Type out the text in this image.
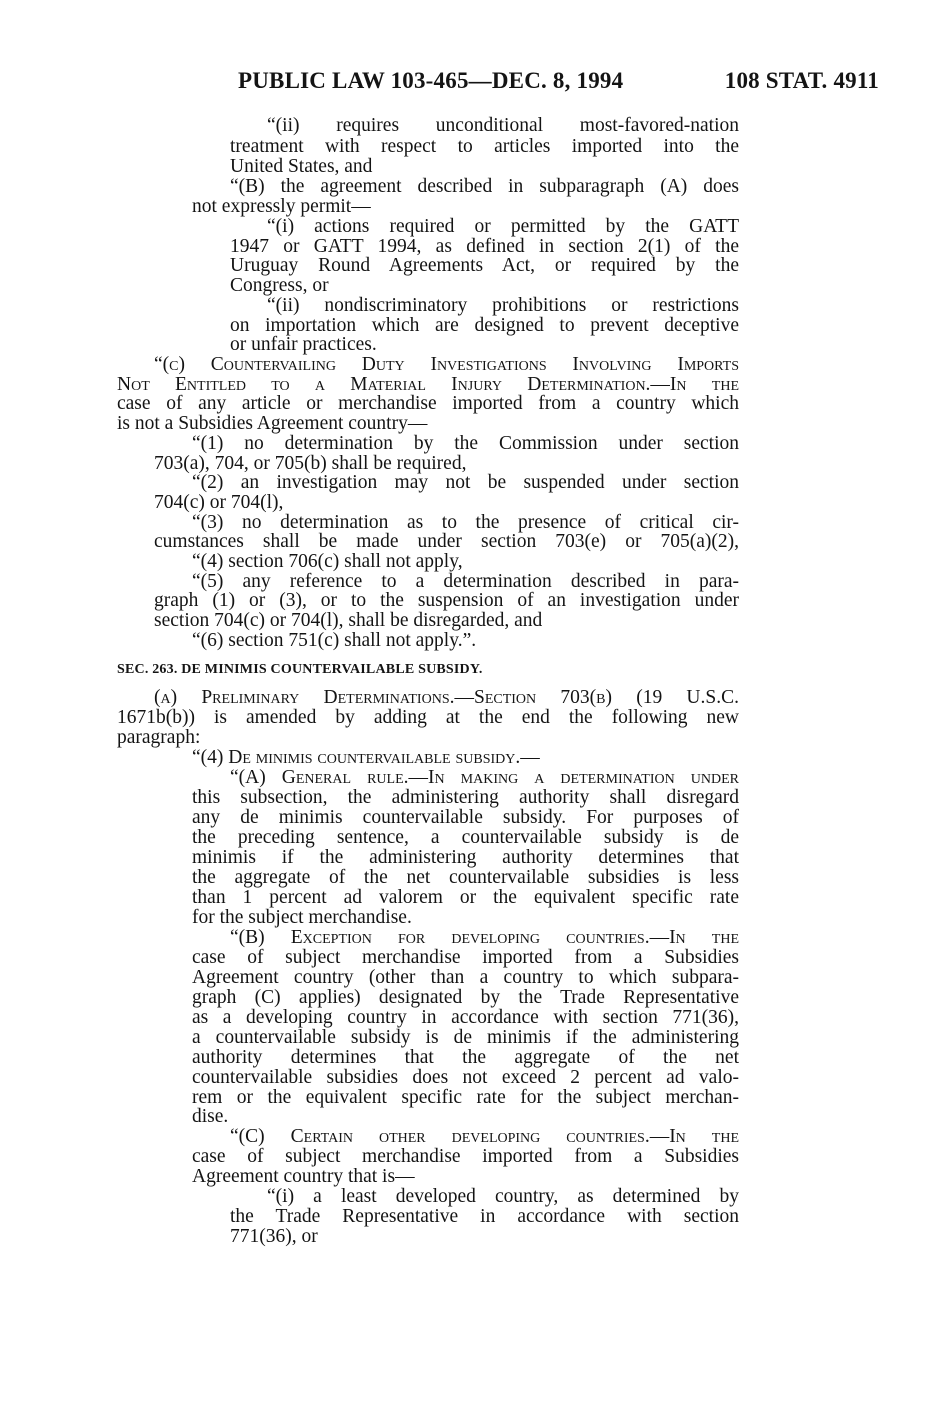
PUBLIC LAW 103-465—DEC. 8, 1994	108 STAT. 4911
“(ii) requires unconditional most-favored-nation
treatment with respect to articles imported into the
United States, and
“(B) the agreement described in subparagraph (A) does
not expressly permit—
“(i) actions required or permitted by the GATT
1947 or GATT 1994, as defined in section 2(1) of the
Uruguay Round Agreements Act, or required by the
Congress, or
“(ii) nondiscriminatory prohibitions or restrictions
on importation which are designed to prevent deceptive
or unfair practices.
“(c) Countervailing Duty Investigations Involving Imports
Not Entitled to a Material Injury Determination.—In the
case of any article or merchandise imported from a country which
is not a Subsidies Agreement country—
“(1) no determination by the Commission under section
703(a), 704, or 705(b) shall be required,
“(2) an investigation may not be suspended under section
704(c) or 704(l),
“(3) no determination as to the presence of critical cir-
cumstances shall be made under section 703(e) or 705(a)(2),
“(4) section 706(c) shall not apply,
“(5) any reference to a determination described in para-
graph (1) or (3), or to the suspension of an investigation under
section 704(c) or 704(l), shall be disregarded, and
“(6) section 751(c) shall not apply.”.
SEC. 263. DE MINIMIS COUNTERVAILABLE SUBSIDY.
(a) Preliminary Determinations.—Section 703(b) (19 U.S.C.
1671b(b)) is amended by adding at the end the following new
paragraph:
“(4) De minimis countervailable subsidy.—
“(A) General rule.—In making a determination under
this subsection, the administering authority shall disregard
any de minimis countervailable subsidy. For purposes of
the preceding sentence, a countervailable subsidy is de
minimis if the administering authority determines that
the aggregate of the net countervailable subsidies is less
than 1 percent ad valorem or the equivalent specific rate
for the subject merchandise.
“(B) Exception for developing countries.—In the
case of subject merchandise imported from a Subsidies
Agreement country (other than a country to which subpara-
graph (C) applies) designated by the Trade Representative
as a developing country in accordance with section 771(36),
a countervailable subsidy is de minimis if the administering
authority determines that the aggregate of the net
countervailable subsidies does not exceed 2 percent ad valo-
rem or the equivalent specific rate for the subject merchan-
dise.
“(C) Certain other developing countries.—In the
case of subject merchandise imported from a Subsidies
Agreement country that is—
“(i) a least developed country, as determined by
the Trade Representative in accordance with section
771(36), or
